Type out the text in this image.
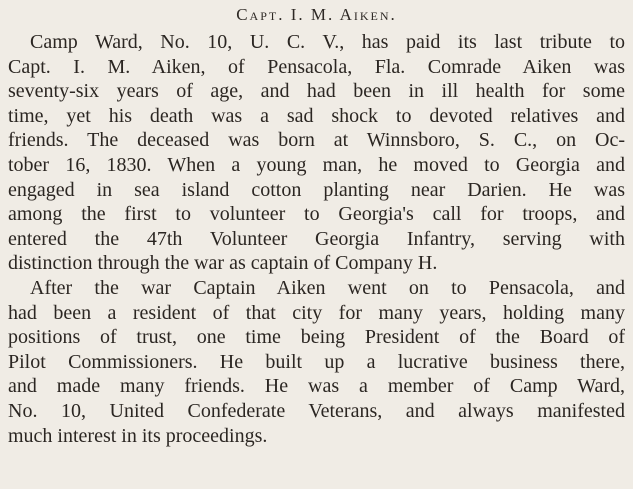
Capt. I. M. Aiken.
Camp Ward, No. 10, U. C. V., has paid its last tribute to
Capt. I. M. Aiken, of Pensacola, Fla. Comrade Aiken was
seventy-six years of age, and had been in ill health for some
time, yet his death was a sad shock to devoted relatives and
friends. The deceased was born at Winnsboro, S. C., on Oc-
tober 16, 1830. When a young man, he moved to Georgia and
engaged in sea island cotton planting near Darien. He was
among the first to volunteer to Georgia's call for troops, and
entered the 47th Volunteer Georgia Infantry, serving with
distinction through the war as captain of Company H.
After the war Captain Aiken went on to Pensacola, and
had been a resident of that city for many years, holding many
positions of trust, one time being President of the Board of
Pilot Commissioners. He built up a lucrative business there,
and made many friends. He was a member of Camp Ward,
No. 10, United Confederate Veterans, and always manifested
much interest in its proceedings.
